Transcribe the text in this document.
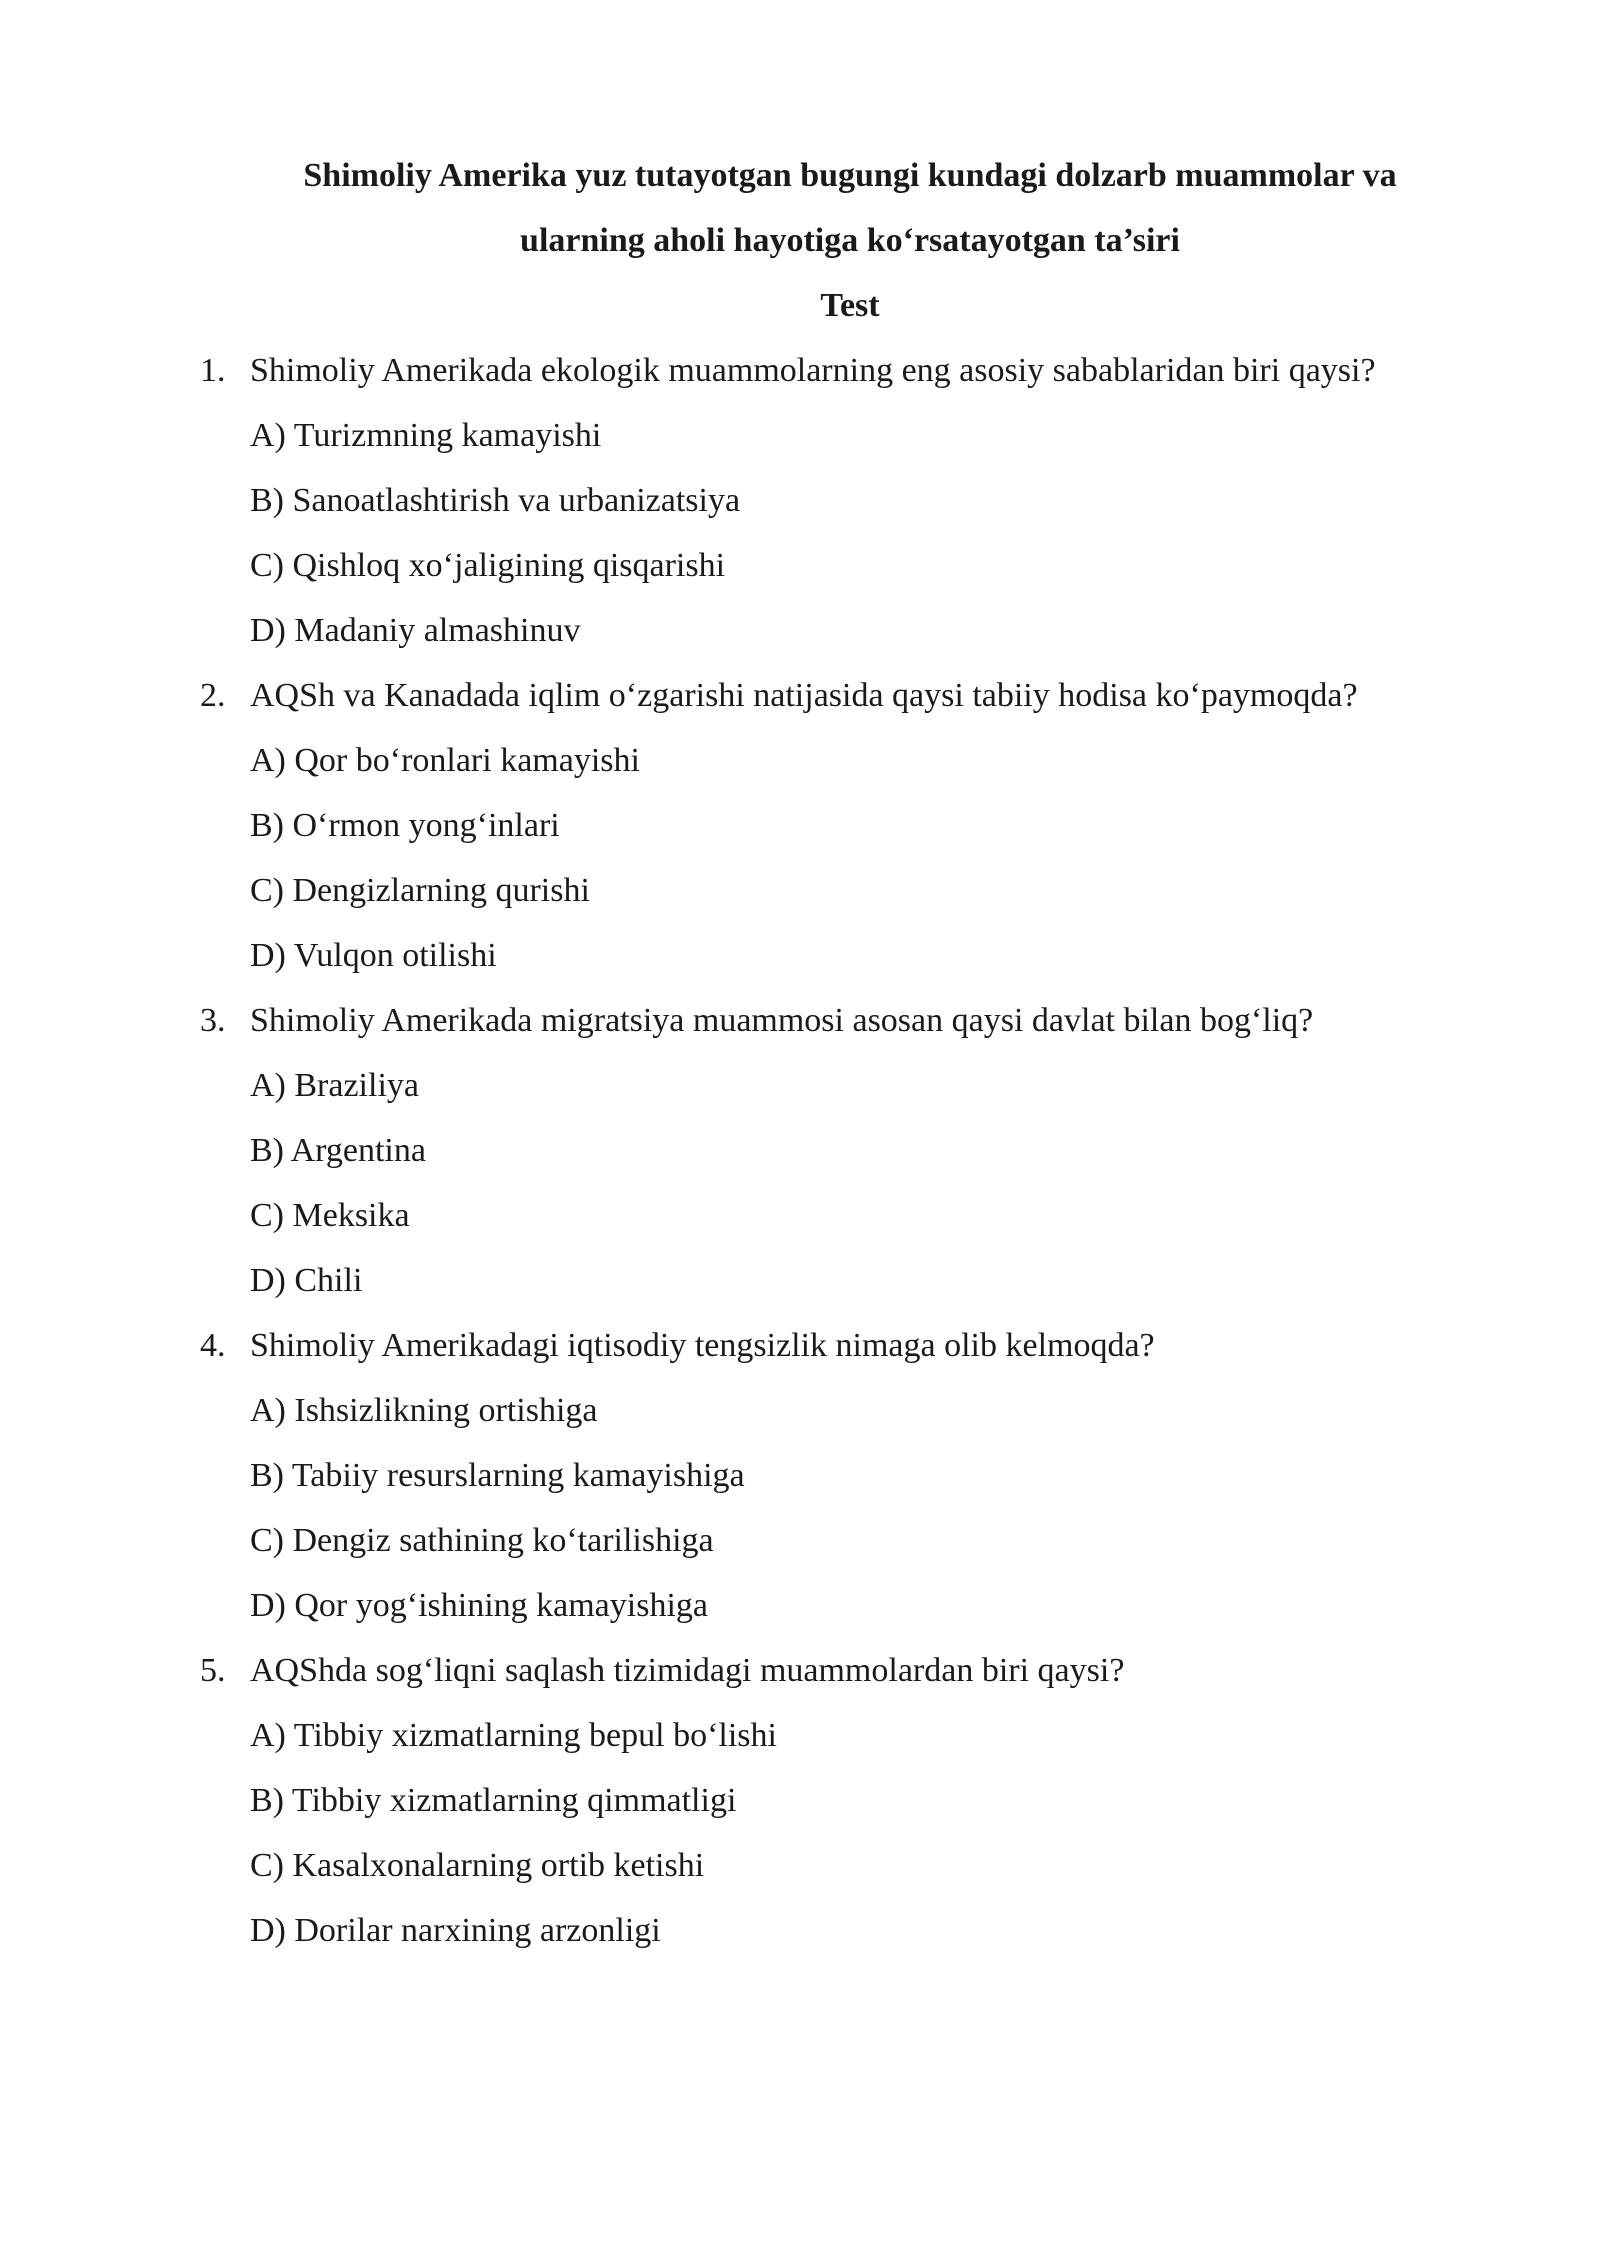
Shimoliy Amerika yuz tutayotgan bugungi kundagi dolzarb muammolar va
ularning aholi hayotiga ko‘rsatayotgan ta’siri
Test
1. Shimoliy Amerikada ekologik muammolarning eng asosiy sabablaridan biri qaysi?
A) Turizmning kamayishi
B) Sanoatlashtirish va urbanizatsiya
C) Qishloq xo‘jaligining qisqarishi
D) Madaniy almashinuv
2. AQSh va Kanadada iqlim o‘zgarishi natijasida qaysi tabiiy hodisa ko‘paymoqda?
A) Qor bo‘ronlari kamayishi
B) O‘rmon yong‘inlari
C) Dengizlarning qurishi
D) Vulqon otilishi
3. Shimoliy Amerikada migratsiya muammosi asosan qaysi davlat bilan bog‘liq?
A) Braziliya
B) Argentina
C) Meksika
D) Chili
4. Shimoliy Amerikadagi iqtisodiy tengsizlik nimaga olib kelmoqda?
A) Ishsizlikning ortishiga
B) Tabiiy resurslarning kamayishiga
C) Dengiz sathining ko‘tarilishiga
D) Qor yog‘ishining kamayishiga
5. AQShda sog‘liqni saqlash tizimidagi muammolardan biri qaysi?
A) Tibbiy xizmatlarning bepul bo‘lishi
B) Tibbiy xizmatlarning qimmatligi
C) Kasalxonalarning ortib ketishi
D) Dorilar narxining arzonligi
